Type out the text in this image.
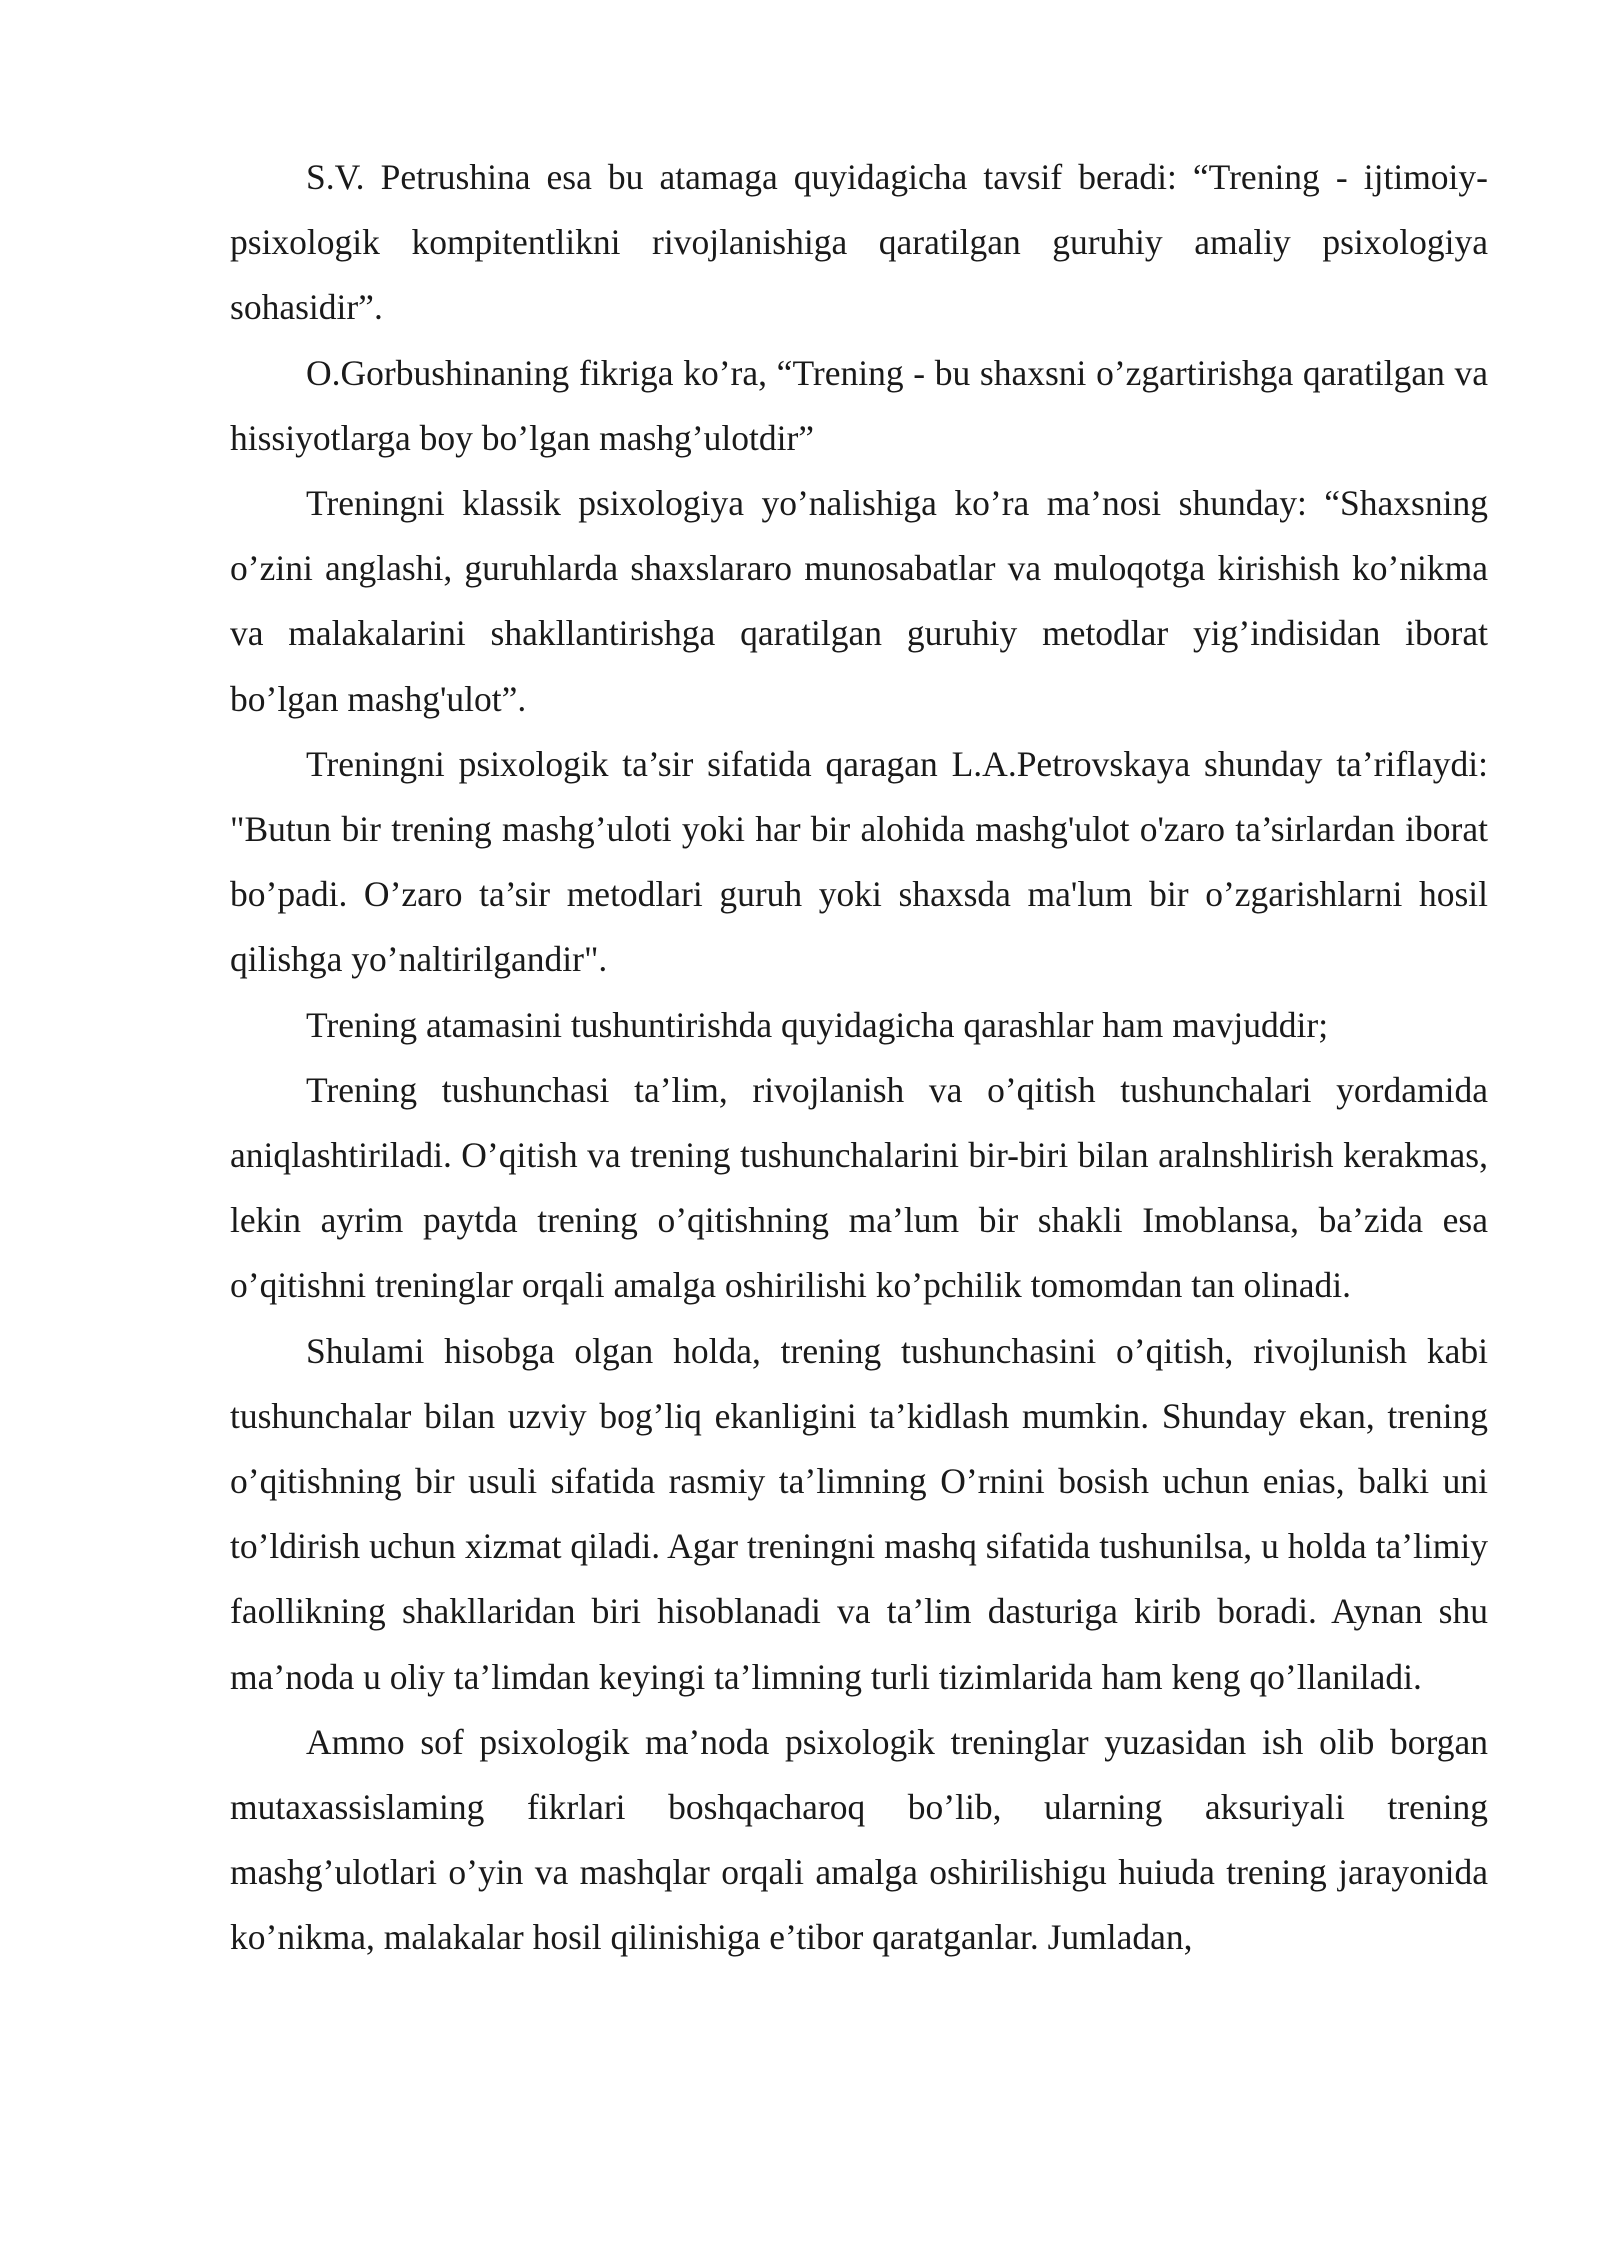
S.V. Petrushina esa bu atamaga quyidagicha tavsif beradi: “Trening - ijtimoiy- psixologik kompitentlikni rivojlanishiga qaratilgan guruhiy amaliy psixologiya sohasidir”.

O.Gorbushinaning fikriga ko’ra, “Trening - bu shaxsni o’zgartirishga qaratilgan va hissiyotlarga boy bo’lgan mashg’ulotdir”

Treningni klassik psixologiya yo’nalishiga ko’ra ma’nosi shunday: “Shaxsning o’zini anglashi, guruhlarda shaxslararo munosabatlar va muloqotga kirishish ko’nikma va malakalarini shakllantirishga qaratilgan guruhiy metodlar yig’indisidan iborat bo’lgan mashg'ulot”.

Treningni psixologik ta’sir sifatida qaragan L.A.Petrovskaya shunday ta’riflaydi: "Butun bir trening mashg’uloti yoki har bir alohida mashg'ulot o'zaro ta’sirlardan iborat bo’padi. O’zaro ta’sir metodlari guruh yoki shaxsda ma'lum bir o’zgarishlarni hosil qilishga yo’naltirilgandir".

Trening atamasini tushuntirishda quyidagicha qarashlar ham mavjuddir;

Trening tushunchasi ta’lim, rivojlanish va o’qitish tushunchalari yordamida aniqlashtiriladi. O’qitish va trening tushunchalarini bir-biri bilan aralnshlirish kerakmas, lekin ayrim paytda trening o’qitishning ma’lum bir shakli Imoblansa, ba’zida esa o’qitishni treninglar orqali amalga oshirilishi ko’pchilik tomomdan tan olinadi.

Shulami hisobga olgan holda, trening tushunchasini o’qitish, rivojlunish kabi tushunchalar bilan uzviy bog’liq ekanligini ta’kidlash mumkin. Shunday ekan, trening o’qitishning bir usuli sifatida rasmiy ta’limning O’rnini bosish uchun enias, balki uni to’ldirish uchun xizmat qiladi. Agar treningni mashq sifatida tushunilsa, u holda ta’limiy faollikning shakllaridan biri hisoblanadi va ta’lim dasturiga kirib boradi. Aynan shu ma’noda u oliy ta’limdan keyingi ta’limning turli tizimlarida ham keng qo’llaniladi.

Ammo sof psixologik ma’noda psixologik treninglar yuzasidan ish olib borgan mutaxassislaming fikrlari boshqacharoq bo’lib, ularning aksuriyali trening mashg’ulotlari o’yin va mashqlar orqali amalga oshirilishigu huiuda trening jarayonida ko’nikma, malakalar hosil qilinishiga e’tibor qaratganlar. Jumladan,
